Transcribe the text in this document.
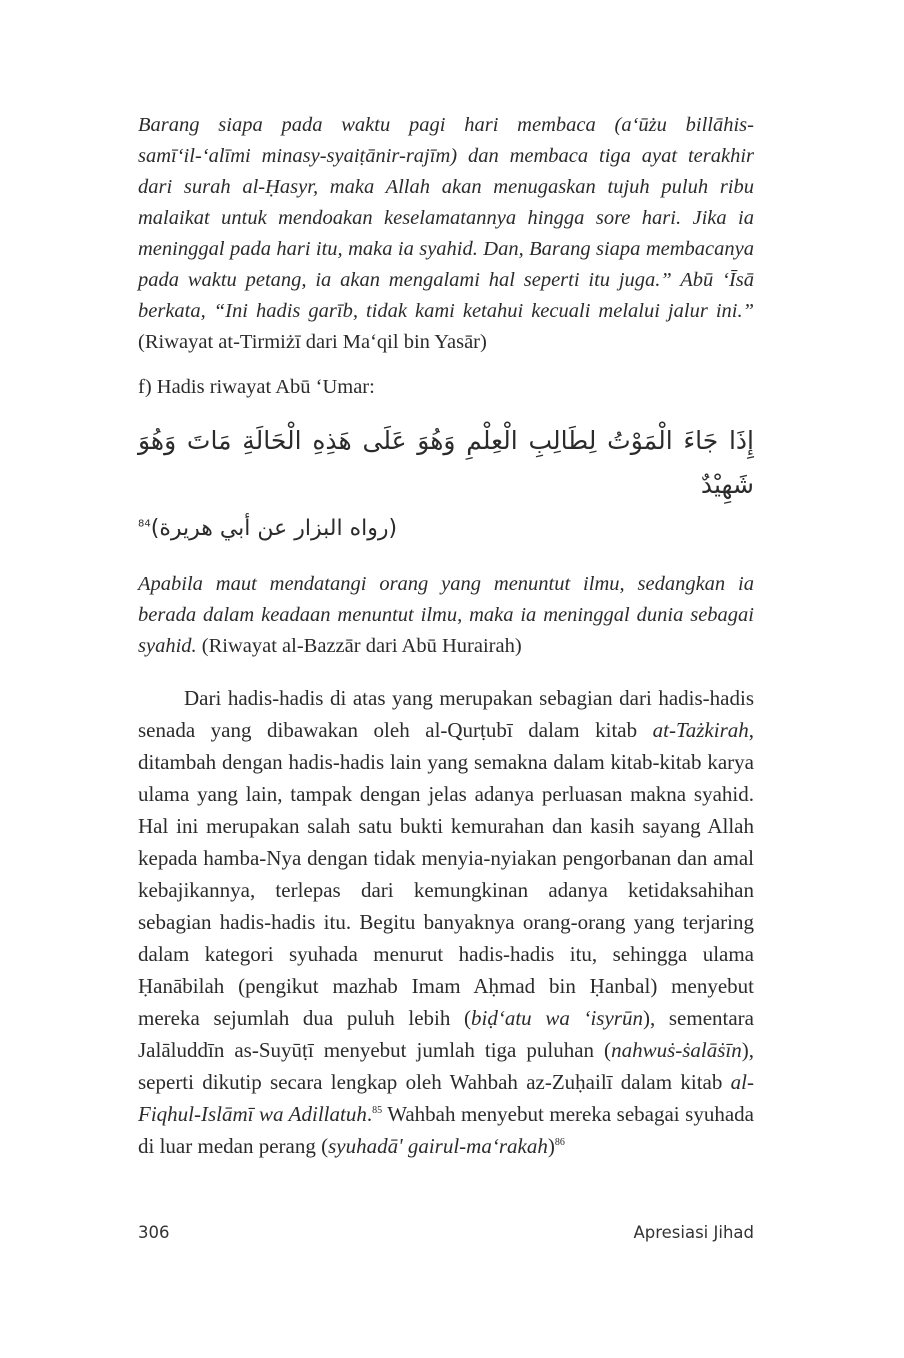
Barang siapa pada waktu pagi hari membaca (a‘ūżu billāhis-samī‘il-‘alīmi minasy-syaiṭānir-rajīm) dan membaca tiga ayat terakhir dari surah al-Ḥasyr, maka Allah akan menugaskan tujuh puluh ribu malaikat untuk mendoakan keselamatannya hingga sore hari. Jika ia meninggal pada hari itu, maka ia syahid. Dan, Barang siapa membacanya pada waktu petang, ia akan mengalami hal seperti itu juga.” Abū ‘Īsā berkata, “Ini hadis garīb, tidak kami ketahui kecuali melalui jalur ini.” (Riwayat at-Tirmiżī dari Ma‘qil bin Yasār)
f) Hadis riwayat Abū ‘Umar:
إِذَا جَاءَ الْمَوْتُ لِطَالِبِ الْعِلْمِ وَهُوَ عَلَى هَذِهِ الْحَالَةِ مَاتَ وَهُوَ شَهِيْدٌ
(رواه البزار عن أبي هريرة)$^{84}$
Apabila maut mendatangi orang yang menuntut ilmu, sedangkan ia berada dalam keadaan menuntut ilmu, maka ia meninggal dunia sebagai syahid. (Riwayat al-Bazzār dari Abū Hurairah)
Dari hadis-hadis di atas yang merupakan sebagian dari hadis-hadis senada yang dibawakan oleh al-Qurṭubī dalam kitab at-Tażkirah, ditambah dengan hadis-hadis lain yang semakna dalam kitab-kitab karya ulama yang lain, tampak dengan jelas adanya perluasan makna syahid. Hal ini merupakan salah satu bukti kemurahan dan kasih sayang Allah kepada hamba-Nya dengan tidak menyia-nyiakan pengorbanan dan amal kebajikannya, terlepas dari kemungkinan adanya ketidaksahihan sebagian hadis-hadis itu. Begitu banyaknya orang-orang yang terjaring dalam kategori syuhada menurut hadis-hadis itu, sehingga ulama Ḥanābilah (pengikut mazhab Imam Aḥmad bin Ḥanbal) menyebut mereka sejumlah dua puluh lebih (biḍ‘atu wa ‘isyrūn), sementara Jalāluddīn as-Suyūṭī menyebut jumlah tiga puluhan (nahwuṡ-ṡalāṡīn), seperti dikutip secara lengkap oleh Wahbah az-Zuḥailī dalam kitab al-Fiqhul-Islāmī wa Adillatuh.$^{85}$ Wahbah menyebut mereka sebagai syuhada di luar medan perang (syuhadā' gairul-ma‘rakah)$^{86}$
306	Apresiasi Jihad
